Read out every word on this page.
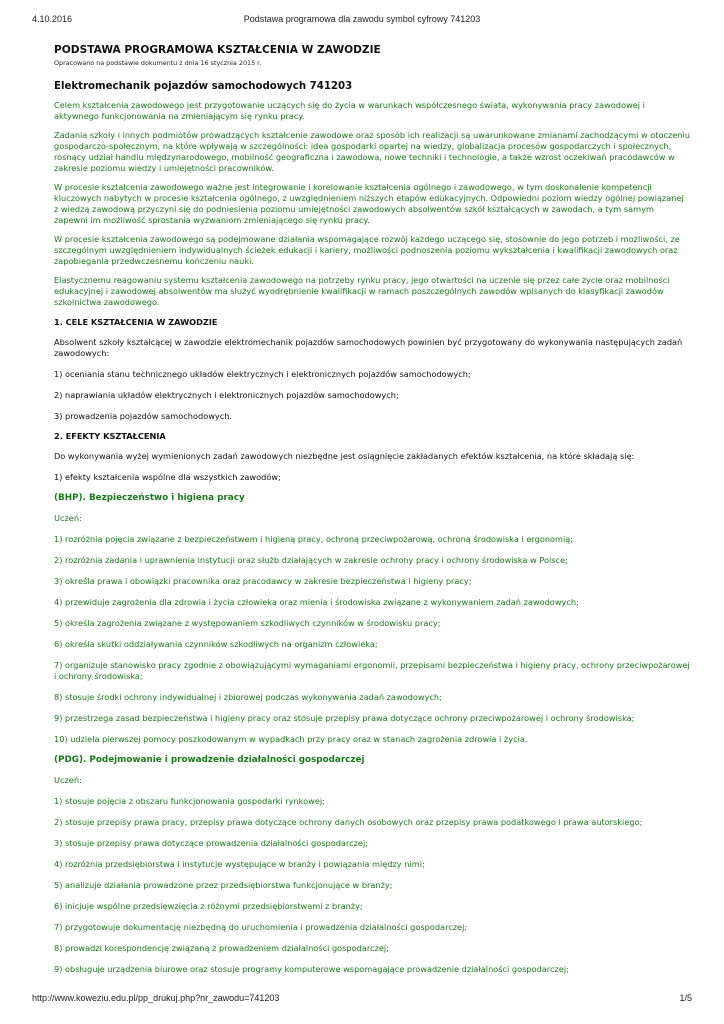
4.10.2016	Podstawa programowa dla zawodu symbol cyfrowy 741203
PODSTAWA PROGRAMOWA KSZTAŁCENIA W ZAWODZIE

Opracowano na podstawie dokumentu z dnia 16 stycznia 2015 r.

Elektromechanik pojazdów samochodowych 741203

Celem kształcenia zawodowego jest przygotowanie uczących się do życia w warunkach współczesnego świata, wykonywania pracy zawodowej i aktywnego funkcjonowania na zmieniającym się rynku pracy.

Zadania szkoły i innych podmiotów prowadzących kształcenie zawodowe oraz sposób ich realizacji są uwarunkowane zmianami zachodzącymi w otoczeniu gospodarczo-społecznym, na które wpływają w szczególności: idea gospodarki opartej na wiedzy, globalizacja procesów gospodarczych i społecznych, rosnący udział handlu międzynarodowego, mobilność geograficzna i zawodowa, nowe techniki i technologie, a także wzrost oczekiwań pracodawców w zakresie poziomu wiedzy i umiejętności pracowników.

W procesie kształcenia zawodowego ważne jest integrowanie i korelowanie kształcenia ogólnego i zawodowego, w tym doskonalenie kompetencji kluczowych nabytych w procesie kształcenia ogólnego, z uwzględnieniem niższych etapów edukacyjnych. Odpowiedni poziom wiedzy ogólnej powiązanej z wiedzą zawodową przyczyni się do podniesienia poziomu umiejętności zawodowych absolwentów szkół kształcących w zawodach, a tym samym zapewni im możliwość sprostania wyzwaniom zmieniającego się rynku pracy.

W procesie kształcenia zawodowego są podejmowane działania wspomagające rozwój każdego uczącego się, stosownie do jego potrzeb i możliwości, ze szczególnym uwzględnieniem indywidualnych ścieżek edukacji i kariery, możliwości podnoszenia poziomu wykształcenia i kwalifikacji zawodowych oraz zapobiegania przedwczesnemu kończeniu nauki.

Elastycznemu reagowaniu systemu kształcenia zawodowego na potrzeby rynku pracy, jego otwartości na uczenie się przez całe życie oraz mobilności edukacyjnej i zawodowej absolwentów ma służyć wyodrębnienie kwalifikacji w ramach poszczególnych zawodów wpisanych do klasyfikacji zawodów szkolnictwa zawodowego.

1. CELE KSZTAŁCENIA W ZAWODZIE

Absolwent szkoły kształcącej w zawodzie elektromechanik pojazdów samochodowych powinien być przygotowany do wykonywania następujących zadań zawodowych:

1) oceniania stanu technicznego układów elektrycznych i elektronicznych pojazdów samochodowych;

2) naprawiania układów elektrycznych i elektronicznych pojazdów samochodowych;

3) prowadzenia pojazdów samochodowych.

2. EFEKTY KSZTAŁCENIA

Do wykonywania wyżej wymienionych zadań zawodowych niezbędne jest osiągnięcie zakładanych efektów kształcenia, na które składają się:

1) efekty kształcenia wspólne dla wszystkich zawodów;

(BHP). Bezpieczeństwo i higiena pracy

Uczeń:

1) rozróżnia pojęcia związane z bezpieczeństwem i higieną pracy, ochroną przeciwpożarową, ochroną środowiska i ergonomią;

2) rozróżnia zadania i uprawnienia instytucji oraz służb działających w zakresie ochrony pracy i ochrony środowiska w Polsce;

3) określa prawa i obowiązki pracownika oraz pracodawcy w zakresie bezpieczeństwa i higieny pracy;

4) przewiduje zagrożenia dla zdrowia i życia człowieka oraz mienia i środowiska związane z wykonywaniem zadań zawodowych;

5) określa zagrożenia związane z występowaniem szkodliwych czynników w środowisku pracy;

6) określa skutki oddziaływania czynników szkodliwych na organizm człowieka;

7) organizuje stanowisko pracy zgodnie z obowiązującymi wymaganiami ergonomii, przepisami bezpieczeństwa i higieny pracy, ochrony przeciwpożarowej i ochrony środowiska;

8) stosuje środki ochrony indywidualnej i zbiorowej podczas wykonywania zadań zawodowych;

9) przestrzega zasad bezpieczeństwa i higieny pracy oraz stosuje przepisy prawa dotyczące ochrony przeciwpożarowej i ochrony środowiska;

10) udziela pierwszej pomocy poszkodowanym w wypadkach przy pracy oraz w stanach zagrożenia zdrowia i życia.

(PDG). Podejmowanie i prowadzenie działalności gospodarczej

Uczeń:

1) stosuje pojęcia z obszaru funkcjonowania gospodarki rynkowej;

2) stosuje przepisy prawa pracy, przepisy prawa dotyczące ochrony danych osobowych oraz przepisy prawa podatkowego i prawa autorskiego;

3) stosuje przepisy prawa dotyczące prowadzenia działalności gospodarczej;

4) rozróżnia przedsiębiorstwa i instytucje występujące w branży i powiązania między nimi;

5) analizuje działania prowadzone przez przedsiębiorstwa funkcjonujące w branży;

6) inicjuje wspólne przedsięwzięcia z różnymi przedsiębiorstwami z branży;

7) przygotowuje dokumentację niezbędną do uruchomienia i prowadzenia działalności gospodarczej;

8) prowadzi korespondencję związaną z prowadzeniem działalności gospodarczej;

9) obsługuje urządzenia biurowe oraz stosuje programy komputerowe wspomagające prowadzenie działalności gospodarczej;

http://www.koweziu.edu.pl/pp_drukuj.php?nr_zawodu=741203	1/5
